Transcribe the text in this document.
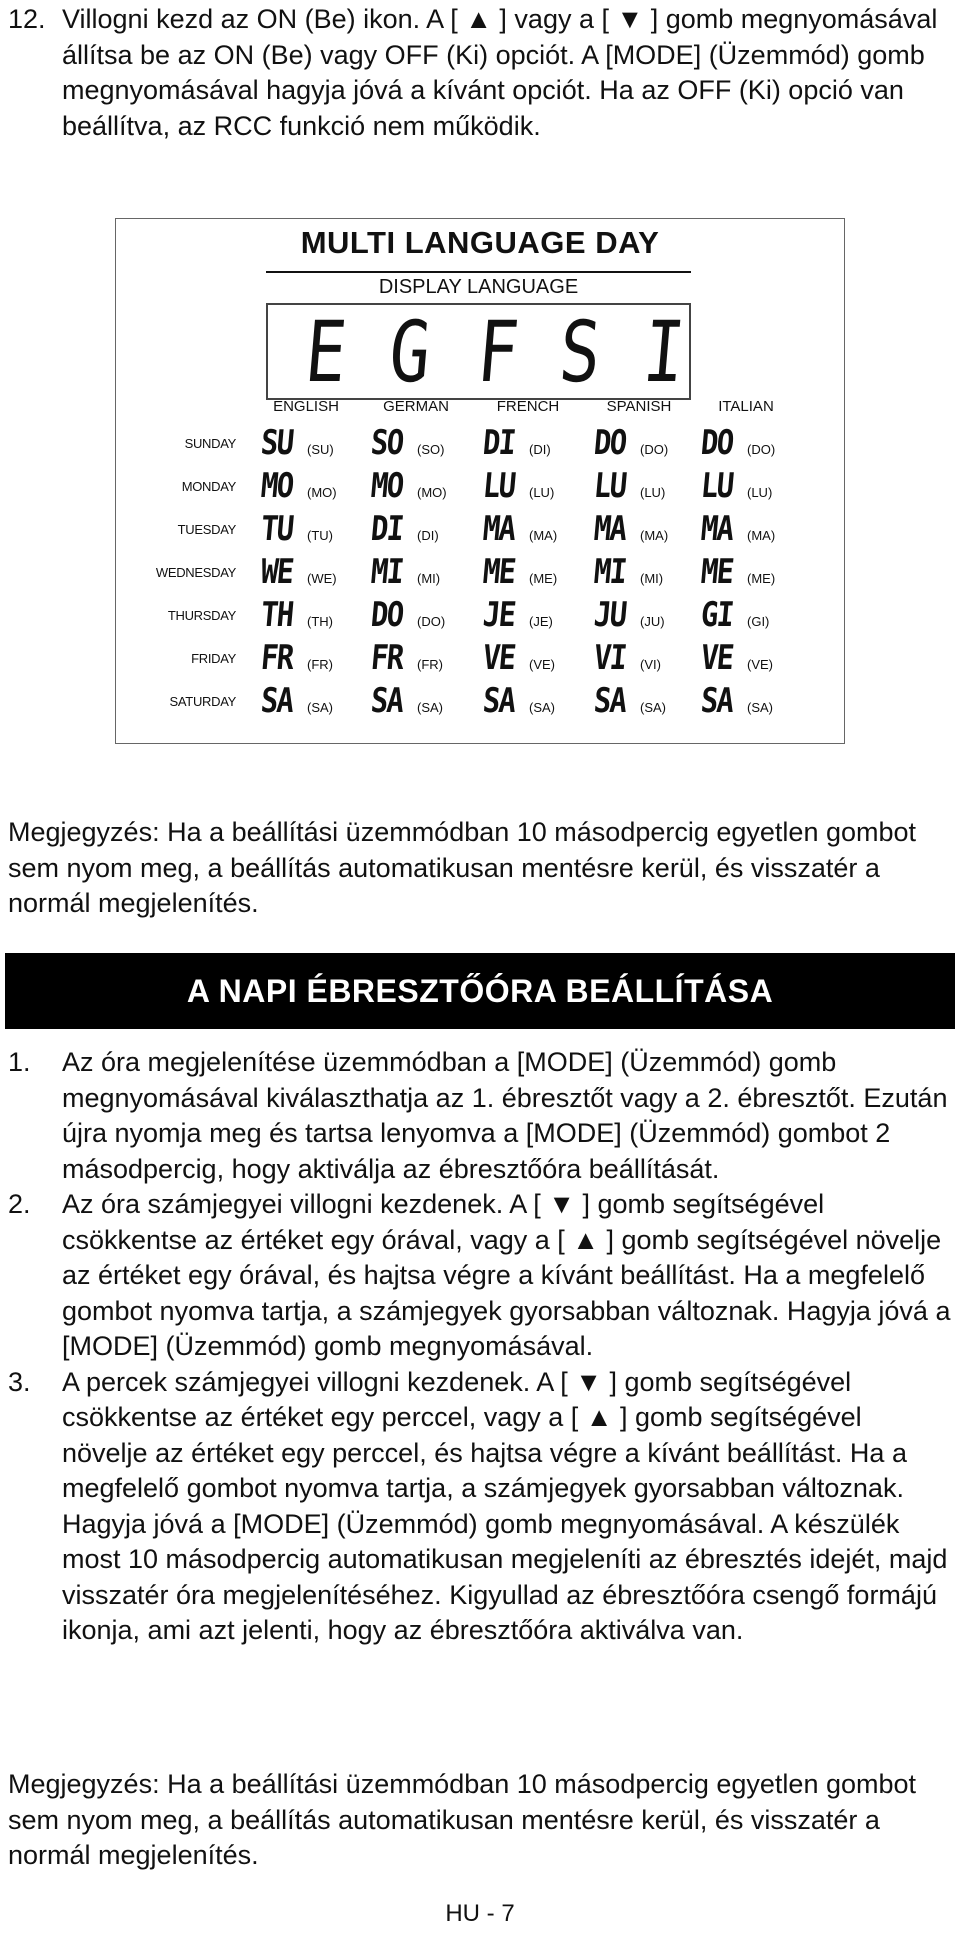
12. Villogni kezd az ON (Be) ikon. A [ ▲ ] vagy a [ ▼ ] gomb megnyomásával állítsa be az ON (Be) vagy OFF (Ki) opciót. A [MODE] (Üzemmód) gomb megnyomásával hagyja jóvá a kívánt opciót. Ha az OFF (Ki) opció van beállítva, az RCC funkció nem működik.
MULTI LANGUAGE DAY
DISPLAY LANGUAGE
E G F S I
ENGLISH	GERMAN	FRENCH	SPANISH	ITALIAN
SUNDAY SU (SU) SO (SO) DI (DI) DO (DO) DO (DO)
MONDAY MO (MO) MO (MO) LU (LU) LU (LU) LU (LU)
TUESDAY TU (TU) DI (DI) MA (MA) MA (MA) MA (MA)
WEDNESDAY WE (WE) MI (MI) ME (ME) MI (MI) ME (ME)
THURSDAY TH (TH) DO (DO) JE (JE) JU (JU) GI (GI)
FRIDAY FR (FR) FR (FR) VE (VE) VI (VI) VE (VE)
SATURDAY SA (SA) SA (SA) SA (SA) SA (SA) SA (SA)

Megjegyzés: Ha a beállítási üzemmódban 10 másodpercig egyetlen gombot sem nyom meg, a beállítás automatikusan mentésre kerül, és visszatér a normál megjelenítés.

A NAPI ÉBRESZTŐÓRA BEÁLLÍTÁSA
1. Az óra megjelenítése üzemmódban a [MODE] (Üzemmód) gomb megnyomásával kiválaszthatja az 1. ébresztőt vagy a 2. ébresztőt. Ezután újra nyomja meg és tartsa lenyomva a [MODE] (Üzemmód) gombot 2 másodpercig, hogy aktiválja az ébresztőóra beállítását.
2. Az óra számjegyei villogni kezdenek. A [ ▼ ] gomb segítségével csökkentse az értéket egy órával, vagy a [ ▲ ] gomb segítségével növelje az értéket egy órával, és hajtsa végre a kívánt beállítást. Ha a megfelelő gombot nyomva tartja, a számjegyek gyorsabban változnak. Hagyja jóvá a [MODE] (Üzemmód) gomb megnyomásával.
3. A percek számjegyei villogni kezdenek. A [ ▼ ] gomb segítségével csökkentse az értéket egy perccel, vagy a [ ▲ ] gomb segítségével növelje az értéket egy perccel, és hajtsa végre a kívánt beállítást. Ha a megfelelő gombot nyomva tartja, a számjegyek gyorsabban változnak. Hagyja jóvá a [MODE] (Üzemmód) gomb megnyomásával. A készülék most 10 másodpercig automatikusan megjeleníti az ébresztés idejét, majd visszatér óra megjelenítéséhez. Kigyullad az ébresztőóra csengő formájú ikonja, ami azt jelenti, hogy az ébresztőóra aktiválva van.

Megjegyzés: Ha a beállítási üzemmódban 10 másodpercig egyetlen gombot sem nyom meg, a beállítás automatikusan mentésre kerül, és visszatér a normál megjelenítés.

HU - 7
